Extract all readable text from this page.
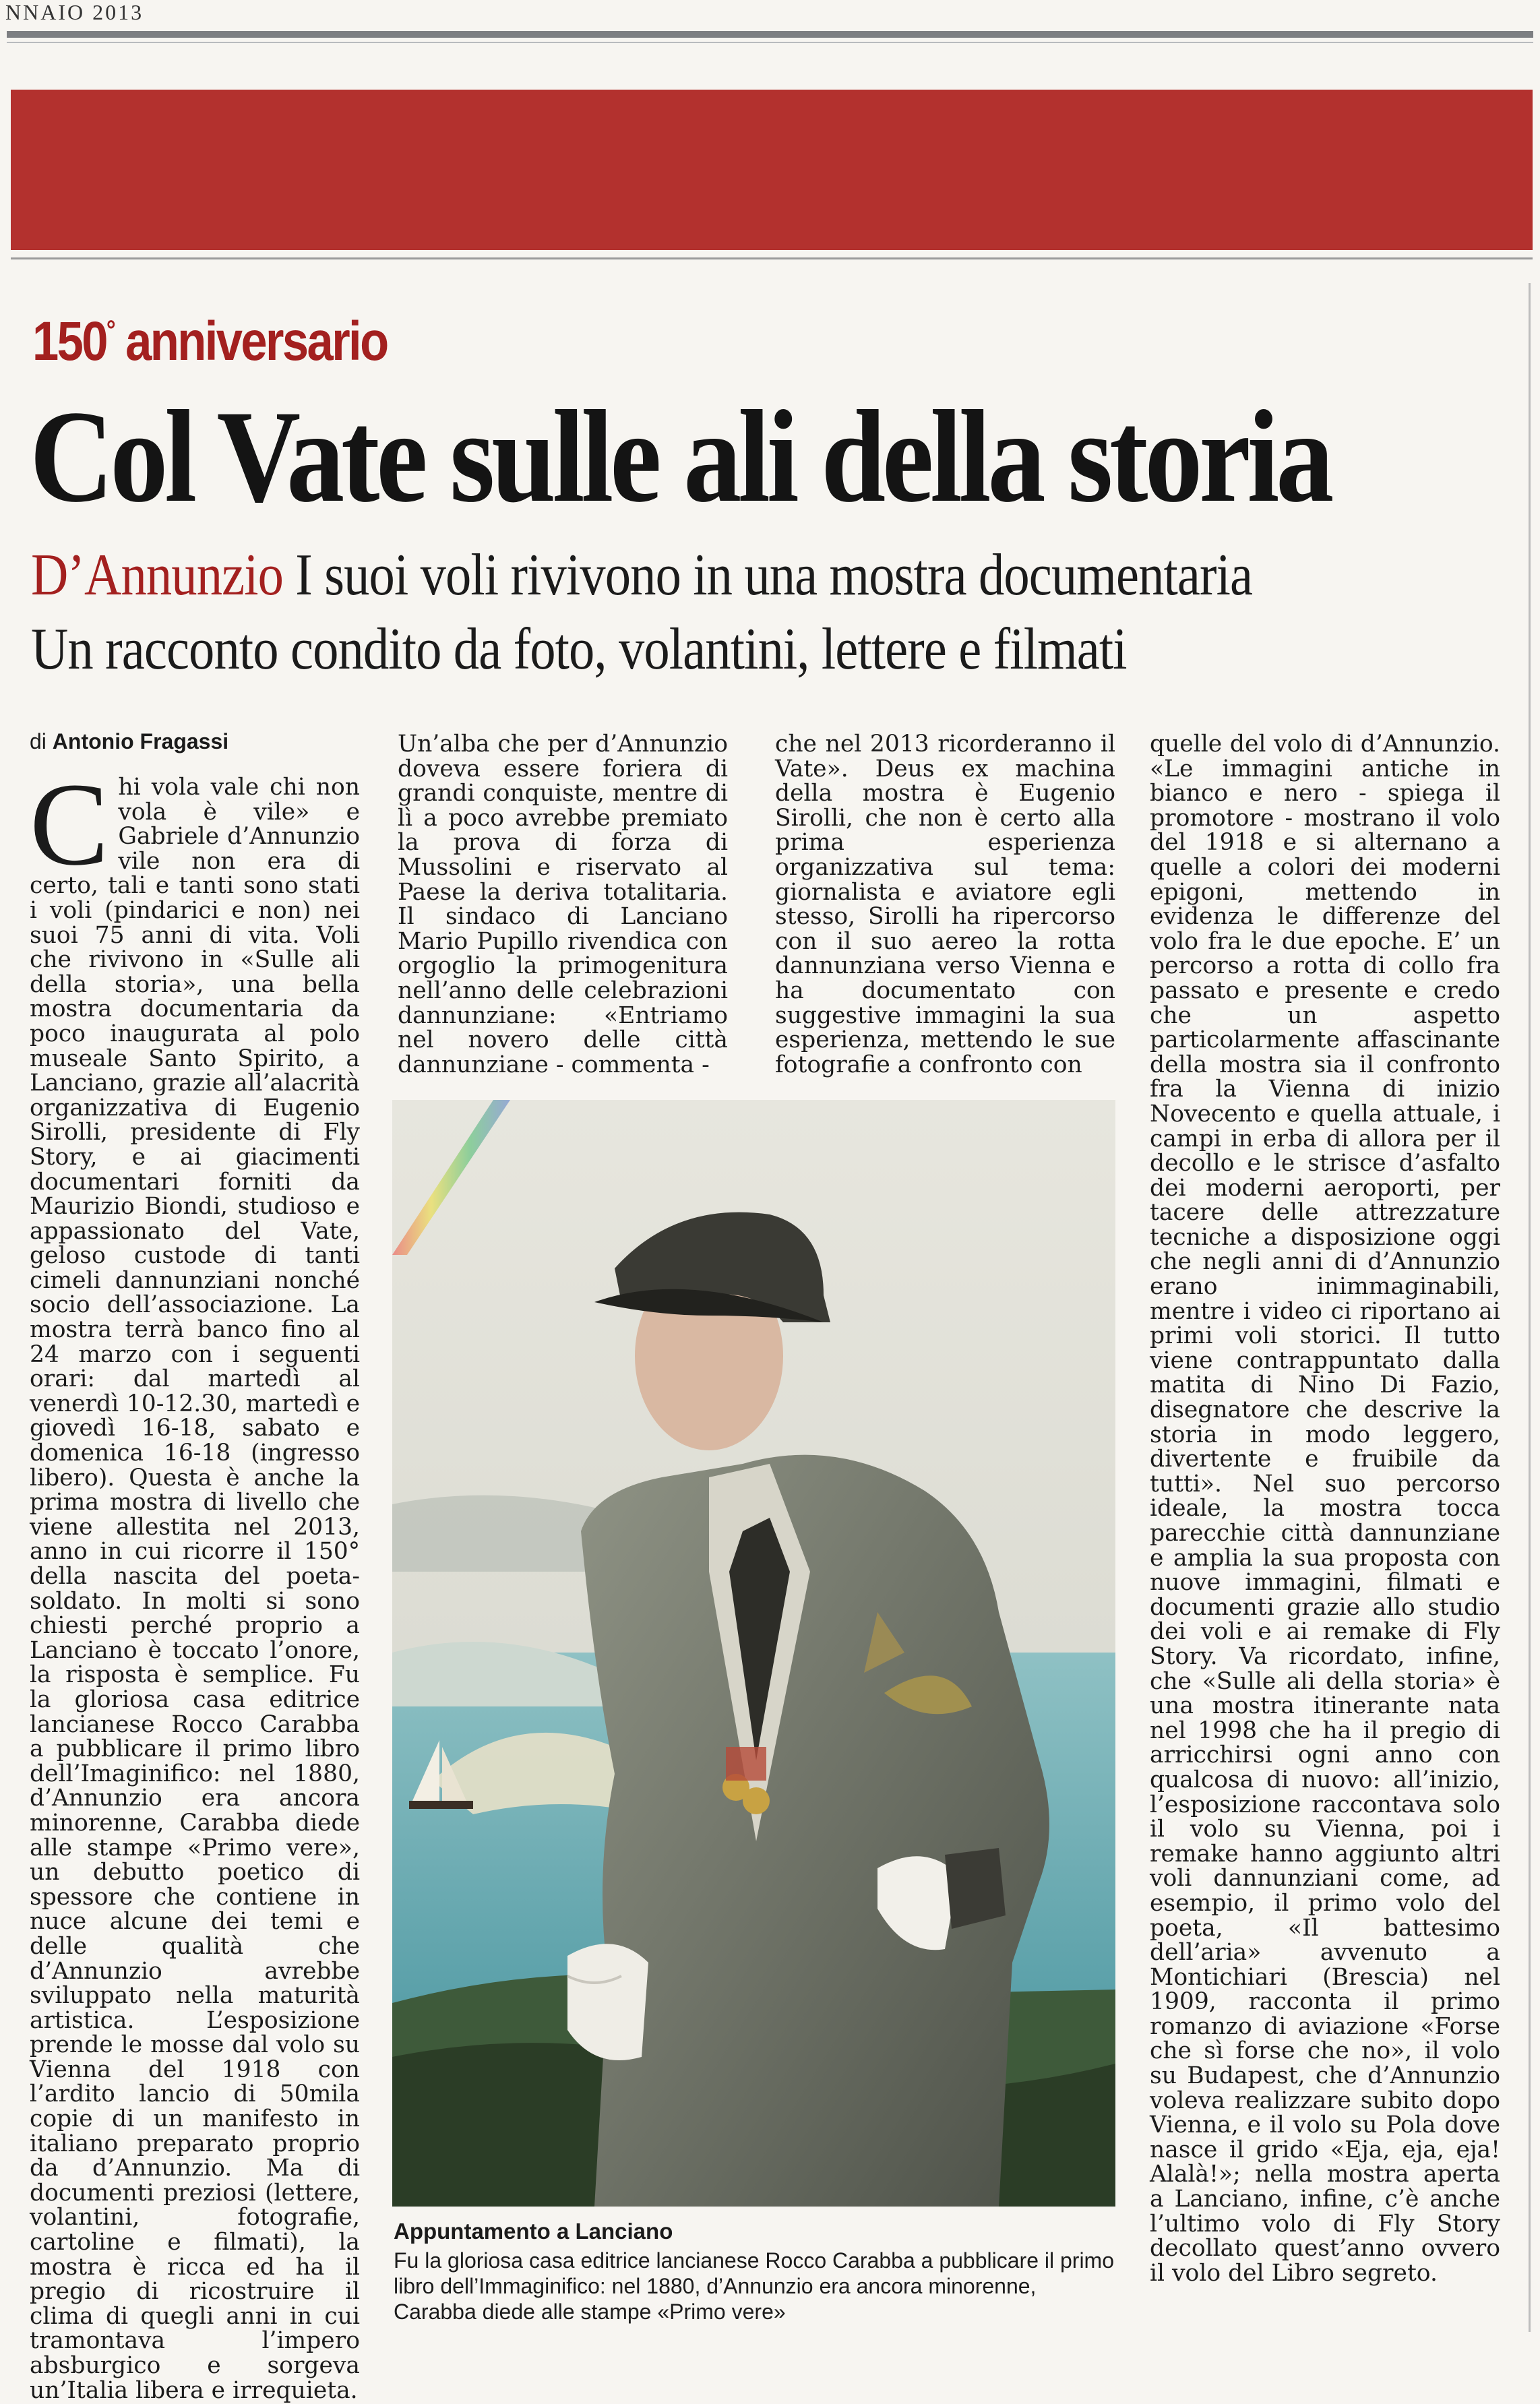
NNAIO 2013
150° anniversario
Col Vate sulle ali della storia
D’Annunzio I suoi voli rivivono in una mostra documentaria
Un racconto condito da foto, volantini, lettere e filmati
di Antonio Fragassi
Chi vola vale chi non vola è vile» e Gabriele d’Annunzio vile non era di certo, tali e tanti sono stati i voli (pindarici e non) nei suoi 75 anni di vita. Voli che rivivono in «Sulle ali della storia», una bella mostra documentaria da poco inaugurata al polo museale Santo Spirito, a Lanciano, grazie all’alacrità organizzativa di Eugenio Sirolli, presidente di Fly Story, e ai giacimenti documentari forniti da Maurizio Biondi, studioso e appassionato del Vate, geloso custode di tanti cimeli dannunziani nonché socio dell’associazione. La mostra terrà banco fino al 24 marzo con i seguenti orari: dal martedì al venerdì 10-12.30, martedì e giovedì 16-18, sabato e domenica 16-18 (ingresso libero). Questa è anche la prima mostra di livello che viene allestita nel 2013, anno in cui ricorre il 150° della nascita del poeta-soldato. In molti si sono chiesti perché proprio a Lanciano è toccato l’onore, la risposta è semplice. Fu la gloriosa casa editrice lancianese Rocco Carabba a pubblicare il primo libro dell’Imaginifico: nel 1880, d’Annunzio era ancora minorenne, Carabba diede alle stampe «Primo vere», un debutto poetico di spessore che contiene in nuce alcune dei temi e delle qualità che d’Annunzio avrebbe sviluppato nella maturità artistica. L’esposizione prende le mosse dal volo su Vienna del 1918 con l’ardito lancio di 50mila copie di un manifesto in italiano preparato proprio da d’Annunzio. Ma di documenti preziosi (lettere, volantini, fotografie, cartoline e filmati), la mostra è ricca ed ha il pregio di ricostruire il clima di quegli anni in cui tramontava l’impero absburgico e sorgeva un’Italia libera e irrequieta.
Un’alba che per d’Annunzio doveva essere foriera di grandi conquiste, mentre di lì a poco avrebbe premiato la prova di forza di Mussolini e riservato al Paese la deriva totalitaria. Il sindaco di Lanciano Mario Pupillo rivendica con orgoglio la primogenitura nell’anno delle celebrazioni dannunziane: «Entriamo nel novero delle città dannunziane - commenta -
che nel 2013 ricorderanno il Vate». Deus ex machina della mostra è Eugenio Sirolli, che non è certo alla prima esperienza organizzativa sul tema: giornalista e aviatore egli stesso, Sirolli ha ripercorso con il suo aereo la rotta dannunziana verso Vienna e ha documentato con suggestive immagini la sua esperienza, mettendo le sue fotografie a confronto con
quelle del volo di d’Annunzio. «Le immagini antiche in bianco e nero - spiega il promotore - mostrano il volo del 1918 e si alternano a quelle a colori dei moderni epigoni, mettendo in evidenza le differenze del volo fra le due epoche. E’ un percorso a rotta di collo fra passato e presente e credo che un aspetto particolarmente affascinante della mostra sia il confronto fra la Vienna di inizio Novecento e quella attuale, i campi in erba di allora per il decollo e le strisce d’asfalto dei moderni aeroporti, per tacere delle attrezzature tecniche a disposizione oggi che negli anni di d’Annunzio erano inimmaginabili, mentre i video ci riportano ai primi voli storici. Il tutto viene contrappuntato dalla matita di Nino Di Fazio, disegnatore che descrive la storia in modo leggero, divertente e fruibile da tutti». Nel suo percorso ideale, la mostra tocca parecchie città dannunziane e amplia la sua proposta con nuove immagini, filmati e documenti grazie allo studio dei voli e ai remake di Fly Story. Va ricordato, infine, che «Sulle ali della storia» è una mostra itinerante nata nel 1998 che ha il pregio di arricchirsi ogni anno con qualcosa di nuovo: all’inizio, l’esposizione raccontava solo il volo su Vienna, poi i remake hanno aggiunto altri voli dannunziani come, ad esempio, il primo volo del poeta, «Il battesimo dell’aria» avvenuto a Montichiari (Brescia) nel 1909, racconta il primo romanzo di aviazione «Forse che sì forse che no», il volo su Budapest, che d’Annunzio voleva realizzare subito dopo Vienna, e il volo su Pola dove nasce il grido «Eja, eja, eja! Alalà!»; nella mostra aperta a Lanciano, infine, c’è anche l’ultimo volo di Fly Story decollato quest’anno ovvero il volo del Libro segreto.
Appuntamento a Lanciano
Fu la gloriosa casa editrice lancianese Rocco Carabba a pubblicare il primo libro dell’Immaginifico: nel 1880, d’Annunzio era ancora minorenne, Carabba diede alle stampe «Primo vere»
